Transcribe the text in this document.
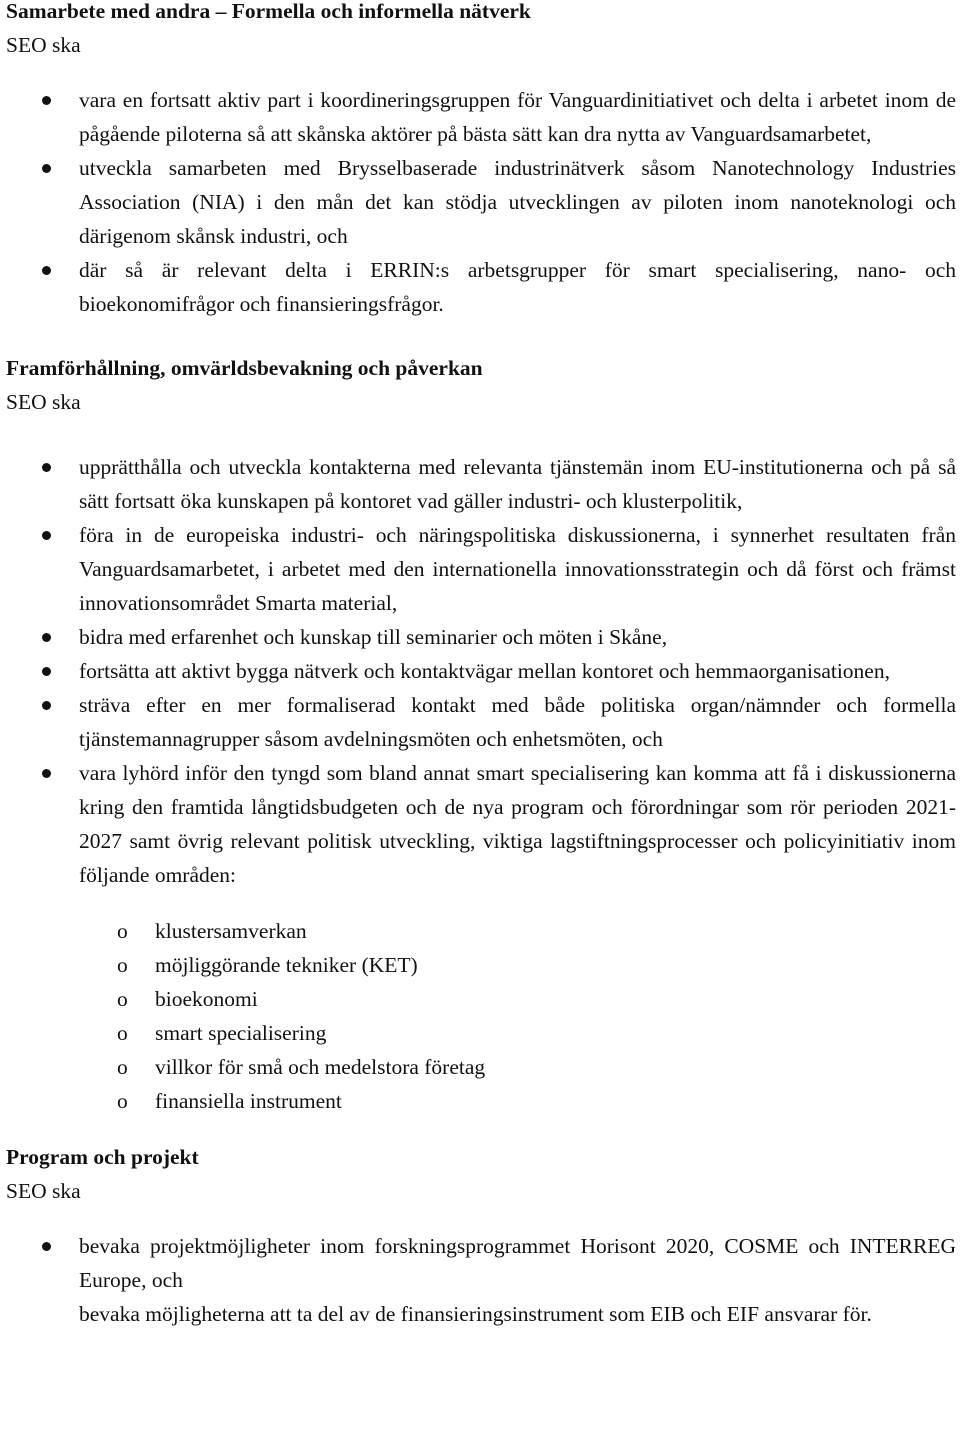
Samarbete med andra – Formella och informella nätverk

SEO ska

vara en fortsatt aktiv part i koordineringsgruppen för Vanguardinitiativet och delta i arbetet inom de pågående piloterna så att skånska aktörer på bästa sätt kan dra nytta av Vanguardsamarbetet,
utveckla samarbeten med Brysselbaserade industrinätverk såsom Nanotechnology Industries Association (NIA) i den mån det kan stödja utvecklingen av piloten inom nanoteknologi och därigenom skånsk industri, och
där så är relevant delta i ERRIN:s arbetsgrupper för smart specialisering, nano- och bioekonomifrågor och finansieringsfrågor.
Framförhållning, omvärldsbevakning och påverkan

SEO ska

upprätthålla och utveckla kontakterna med relevanta tjänstemän inom EU-institutionerna och på så sätt fortsatt öka kunskapen på kontoret vad gäller industri- och klusterpolitik,
föra in de europeiska industri- och näringspolitiska diskussionerna, i synnerhet resultaten från Vanguardsamarbetet, i arbetet med den internationella innovationsstrategin och då först och främst innovationsområdet Smarta material,
bidra med erfarenhet och kunskap till seminarier och möten i Skåne,
fortsätta att aktivt bygga nätverk och kontaktvägar mellan kontoret och hemmaorganisationen,
sträva efter en mer formaliserad kontakt med både politiska organ/nämnder och formella tjänstemannagrupper såsom avdelningsmöten och enhetsmöten, och
vara lyhörd inför den tyngd som bland annat smart specialisering kan komma att få i diskussionerna kring den framtida långtidsbudgeten och de nya program och förordningar som rör perioden 2021-2027 samt övrig relevant politisk utveckling, viktiga lagstiftningsprocesser och policyinitiativ inom följande områden:
o klustersamverkan
o möjliggörande tekniker (KET)
o bioekonomi
o smart specialisering
o villkor för små och medelstora företag
o finansiella instrument
Program och projekt

SEO ska

bevaka projektmöjligheter inom forskningsprogrammet Horisont 2020, COSME och INTERREG Europe, och

bevaka möjligheterna att ta del av de finansieringsinstrument som EIB och EIF ansvarar för.
